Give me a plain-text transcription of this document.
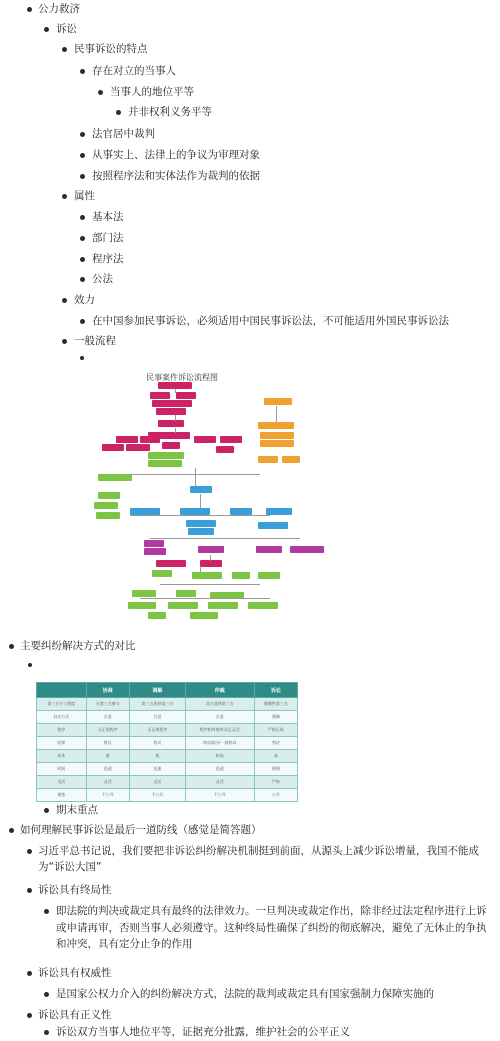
公力救济
诉讼
民事诉讼的特点
存在对立的当事人
当事人的地位平等
并非权利义务平等
法官居中裁判
从事实上、法律上的争议为审理对象
按照程序法和实体法作为裁判的依据
属性
基本法
部门法
程序法
公法
效力
在中国参加民事诉讼，必须适用中国民事诉讼法，不可能适用外国民事诉讼法
一般流程
民事案件诉讼流程图
主要纠纷解决方式的对比
	协商	调解	仲裁	诉讼
第三方介入程度	无第三方参与	第三方选择第三方	双方选择第三方	强制性第三方
启动方式	合意	合意	合意	强制
程序	无正规程序	无正规程序	程序相对简单而且灵活	严格正规
结果	协议	协议	终局裁决/一裁终局	判决
成本	低	低	较高	高
时间	迅速	迅速	迅速	缓慢
灵活	灵活	灵活	灵活	严格
保密	不公开	不公开	不公开	公开
期末重点
如何理解民事诉讼是最后一道防线（感觉是简答题）
习近平总书记说，我们要把非诉讼纠纷解决机制挺到前面，从源头上减少诉讼增量，我国不能成为“诉讼大国”
诉讼具有终局性
即法院的判决或裁定具有最终的法律效力。一旦判决或裁定作出，除非经过法定程序进行上诉或申请再审，否则当事人必须遵守。这种终局性确保了纠纷的彻底解决，避免了无休止的争执和冲突，具有定分止争的作用
诉讼具有权威性
是国家公权力介入的纠纷解决方式，法院的裁判或裁定具有国家强制力保障实施的
诉讼具有正义性
诉讼双方当事人地位平等，证据充分批露，维护社会的公平正义
